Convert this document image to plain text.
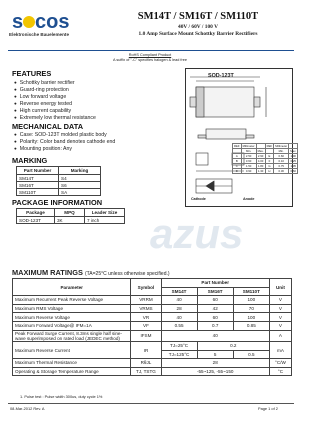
s cos
Elektronische Bauelemente
SM14T / SM16T / SM110T
40V / 60V / 100 V
1.0 Amp Surface Mount Schottky Barrier Rectifiers
RoHS Compliant Product
A suffix of "-C" specifies halogen & lead free
FEATURES
● Schottky barrier rectifier
● Guard-ring protection
● Low forward voltage
● Reverse energy tested
● High current capability
● Extremely low thermal resistance
SOD-123T
REF	Millimeter		REF	Millimeter	
	Min.	Max.		Min.	Max.
A	2.50	2.90	E	0.60	1.00
B	3.60	4.00	F	0.10	0.25
C	1.50	1.80	G	0.75	1.05
D	0.90	1.30	H	0.30	0.60
Cathode	Anode
MECHANICAL DATA
● Case: SOD-123T molded plastic body
● Polarity: Color band denotes cathode end
● Mounting position: Any
MARKING
Part Number	Marking
SM14T	S4
SM16T	S6
SM110T	SA
PACKAGE INFORMATION
Package	MPQ	Leader Size
SOD-123T	3K	7 inch azus
MAXIMUM RATINGS (TA=25°C unless otherwise specified.)
Parameter	Symbol	Part Number			Unit
		SM14T	SM16T	SM110T	
Maximum Recurrent Peak Reverse Voltage	VRRM	40	60	100	V
Maximum RMS Voltage	VRMS	28	42	70	V
Maximum Reverse Voltage	VR	40	60	100	V
Maximum Forward Voltage@ IFM=1A	VF	0.55	0.7	0.85	V
Peak Forward Surge Current, 8.3ms single half sine-wave superimposed on rated load (JEDEC method)	IFSM	40			A
Maximum Reverse Current	IR	TJ=25°C	0.2		mA
		TJ=125°C	5	0.5	
Maximum Thermal Resistance	RθJL	28			°C/W
Operating & Storage Temperature Range	TJ, TSTG	-55~125, -55~150			°C
1. Pulse test : Pulse width 300us, duty cycle 1%
08-Mar-2012 Rev. A	Page 1 of 2
